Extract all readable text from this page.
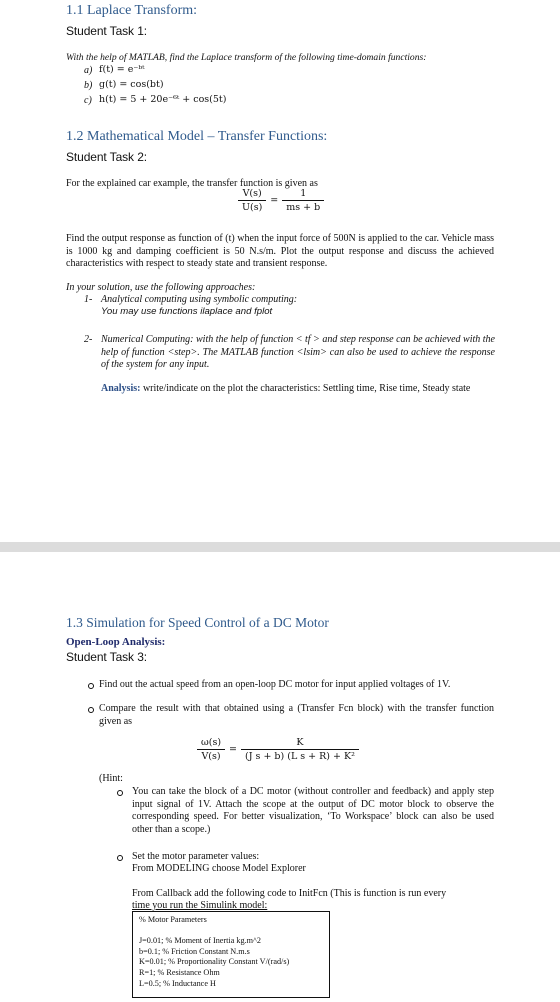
1.1 Laplace Transform:
Student Task 1:
With the help of MATLAB, find the Laplace transform of the following time-domain functions:
a) f(t) = e⁻ᵇᵗ
b) g(t) = cos(bt)
c) h(t) = 5 + 20e⁻⁶ᵗ + cos(5t)
1.2 Mathematical Model – Transfer Functions:
Student Task 2:
For the explained car example, the transfer function is given as
$\frac{V(s)}{U(s)} = \frac{1}{ms + b}$
Find the output response as function of (t) when the input force of 500N is applied to the car. Vehicle mass is 1000 kg and damping coefficient is 50 N.s/m. Plot the output response and discuss the achieved characteristics with respect to steady state and transient response.
In your solution, use the following approaches:
1- Analytical computing using symbolic computing:
You may use functions ilaplace and fplot
2- Numerical Computing: with the help of function < tf > and step response can be achieved with the help of function <step>. The MATLAB function <lsim> can also be used to achieve the response of the system for any input.
Analysis: write/indicate on the plot the characteristics: Settling time, Rise time, Steady state
1.3 Simulation for Speed Control of a DC Motor
Open-Loop Analysis:
Student Task 3:
Find out the actual speed from an open-loop DC motor for input applied voltages of 1V.
Compare the result with that obtained using a (Transfer Fcn block) with the transfer function given as
$\frac{\omega(s)}{V(s)} = \frac{K}{\text{(J s + b) (L s + R) + K²}}$
(Hint:
You can take the block of a DC motor (without controller and feedback) and apply step input signal of 1V. Attach the scope at the output of DC motor block to observe the corresponding speed. For better visualization, ‘To Workspace’ block can also be used other than a scope.)
Set the motor parameter values:
From MODELING choose Model Explorer
From Callback add the following code to InitFcn (This is function is run every
time you run the Simulink model:
% Motor Parameters
J=0.01; % Moment of Inertia kg.m^2
b=0.1; % Friction Constant N.m.s
K=0.01; % Proportionality Constant V/(rad/s)
R=1; % Resistance Ohm
L=0.5; % Inductance H
